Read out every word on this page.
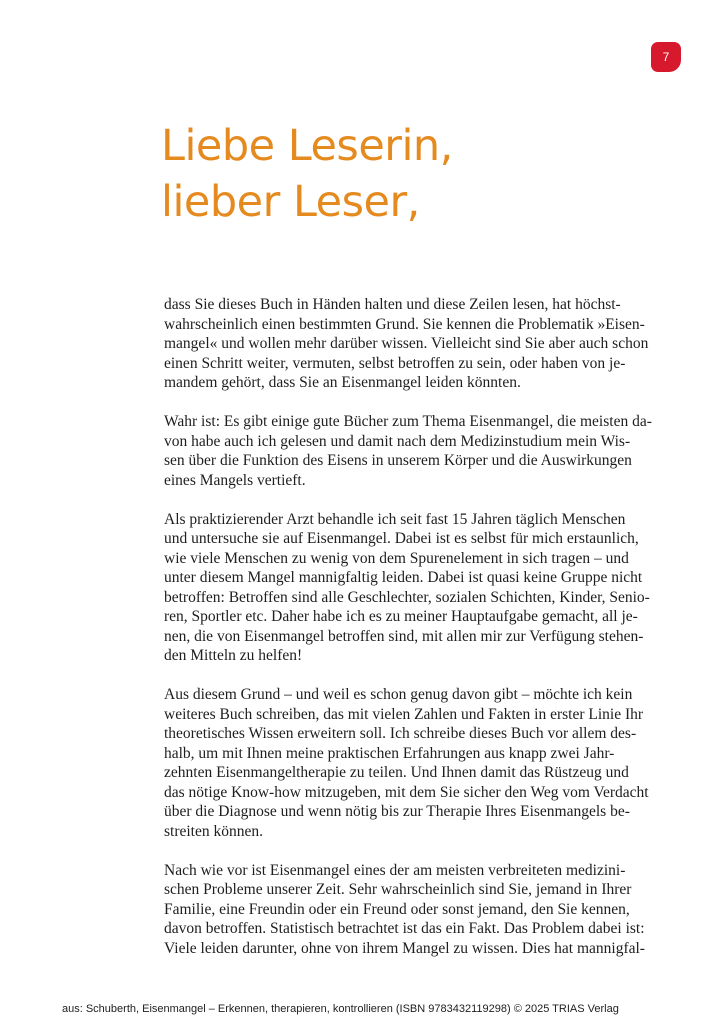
7
Liebe Leserin,
lieber Leser,

dass Sie dieses Buch in Händen halten und diese Zeilen lesen, hat höchst-
wahrscheinlich einen bestimmten Grund. Sie kennen die Problematik »Eisen-
mangel« und wollen mehr darüber wissen. Vielleicht sind Sie aber auch schon
einen Schritt weiter, vermuten, selbst betroffen zu sein, oder haben von je-
mandem gehört, dass Sie an Eisenmangel leiden könnten.

Wahr ist: Es gibt einige gute Bücher zum Thema Eisenmangel, die meisten da-
von habe auch ich gelesen und damit nach dem Medizinstudium mein Wis-
sen über die Funktion des Eisens in unserem Körper und die Auswirkungen
eines Mangels vertieft.

Als praktizierender Arzt behandle ich seit fast 15 Jahren täglich Menschen
und untersuche sie auf Eisenmangel. Dabei ist es selbst für mich erstaunlich,
wie viele Menschen zu wenig von dem Spurenelement in sich tragen – und
unter diesem Mangel mannigfaltig leiden. Dabei ist quasi keine Gruppe nicht
betroffen: Betroffen sind alle Geschlechter, sozialen Schichten, Kinder, Senio-
ren, Sportler etc. Daher habe ich es zu meiner Hauptaufgabe gemacht, all je-
nen, die von Eisenmangel betroffen sind, mit allen mir zur Verfügung stehen-
den Mitteln zu helfen!

Aus diesem Grund – und weil es schon genug davon gibt – möchte ich kein
weiteres Buch schreiben, das mit vielen Zahlen und Fakten in erster Linie Ihr
theoretisches Wissen erweitern soll. Ich schreibe dieses Buch vor allem des-
halb, um mit Ihnen meine praktischen Erfahrungen aus knapp zwei Jahr-
zehnten Eisenmangeltherapie zu teilen. Und Ihnen damit das Rüstzeug und
das nötige Know-how mitzugeben, mit dem Sie sicher den Weg vom Verdacht
über die Diagnose und wenn nötig bis zur Therapie Ihres Eisenmangels be-
streiten können.

Nach wie vor ist Eisenmangel eines der am meisten verbreiteten medizini-
schen Probleme unserer Zeit. Sehr wahrscheinlich sind Sie, jemand in Ihrer
Familie, eine Freundin oder ein Freund oder sonst jemand, den Sie kennen,
davon betroffen. Statistisch betrachtet ist das ein Fakt. Das Problem dabei ist:
Viele leiden darunter, ohne von ihrem Mangel zu wissen. Dies hat mannigfal-

aus: Schuberth, Eisenmangel – Erkennen, therapieren, kontrollieren (ISBN 9783432119298) © 2025 TRIAS Verlag
